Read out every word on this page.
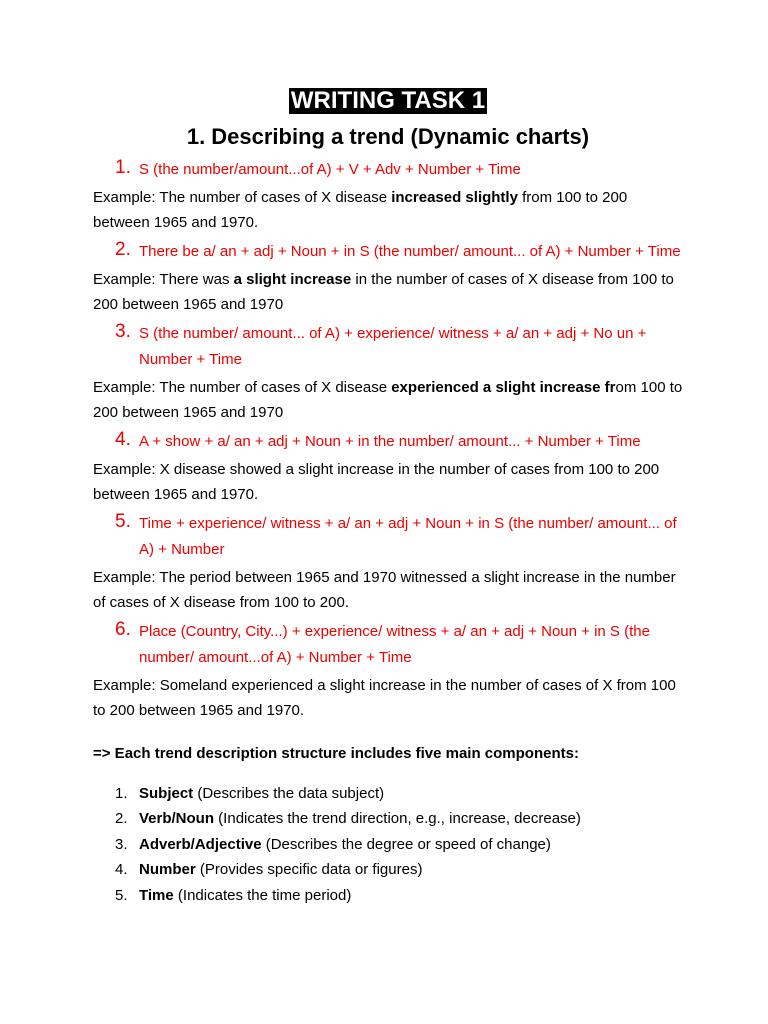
WRITING TASK 1
1. Describing a trend (Dynamic charts)

1. S (the number/amount...of A) + V + Adv + Number + Time

Example: The number of cases of X disease increased slightly from 100 to 200 between 1965 and 1970.

2. There be a/ an + adj + Noun + in S (the number/ amount... of A) + Number + Time

Example: There was a slight increase in the number of cases of X disease from 100 to 200 between 1965 and 1970

3. S (the number/ amount... of A) + experience/ witness + a/ an + adj + No un + Number + Time

Example: The number of cases of X disease experienced a slight increase from 100 to 200 between 1965 and 1970

4. A + show + a/ an + adj + Noun + in the number/ amount... + Number + Time

Example: X disease showed a slight increase in the number of cases from 100 to 200 between 1965 and 1970.

5. Time + experience/ witness + a/ an + adj + Noun + in S (the number/ amount... of A) + Number

Example: The period between 1965 and 1970 witnessed a slight increase in the number of cases of X disease from 100 to 200.

6. Place (Country, City...) + experience/ witness + a/ an + adj + Noun + in S (the number/ amount...of A) + Number + Time

Example: Someland experienced a slight increase in the number of cases of X from 100 to 200 between 1965 and 1970.

=> Each trend description structure includes five main components:

1. Subject (Describes the data subject)
2. Verb/Noun (Indicates the trend direction, e.g., increase, decrease)
3. Adverb/Adjective (Describes the degree or speed of change)
4. Number (Provides specific data or figures)
5. Time (Indicates the time period)
